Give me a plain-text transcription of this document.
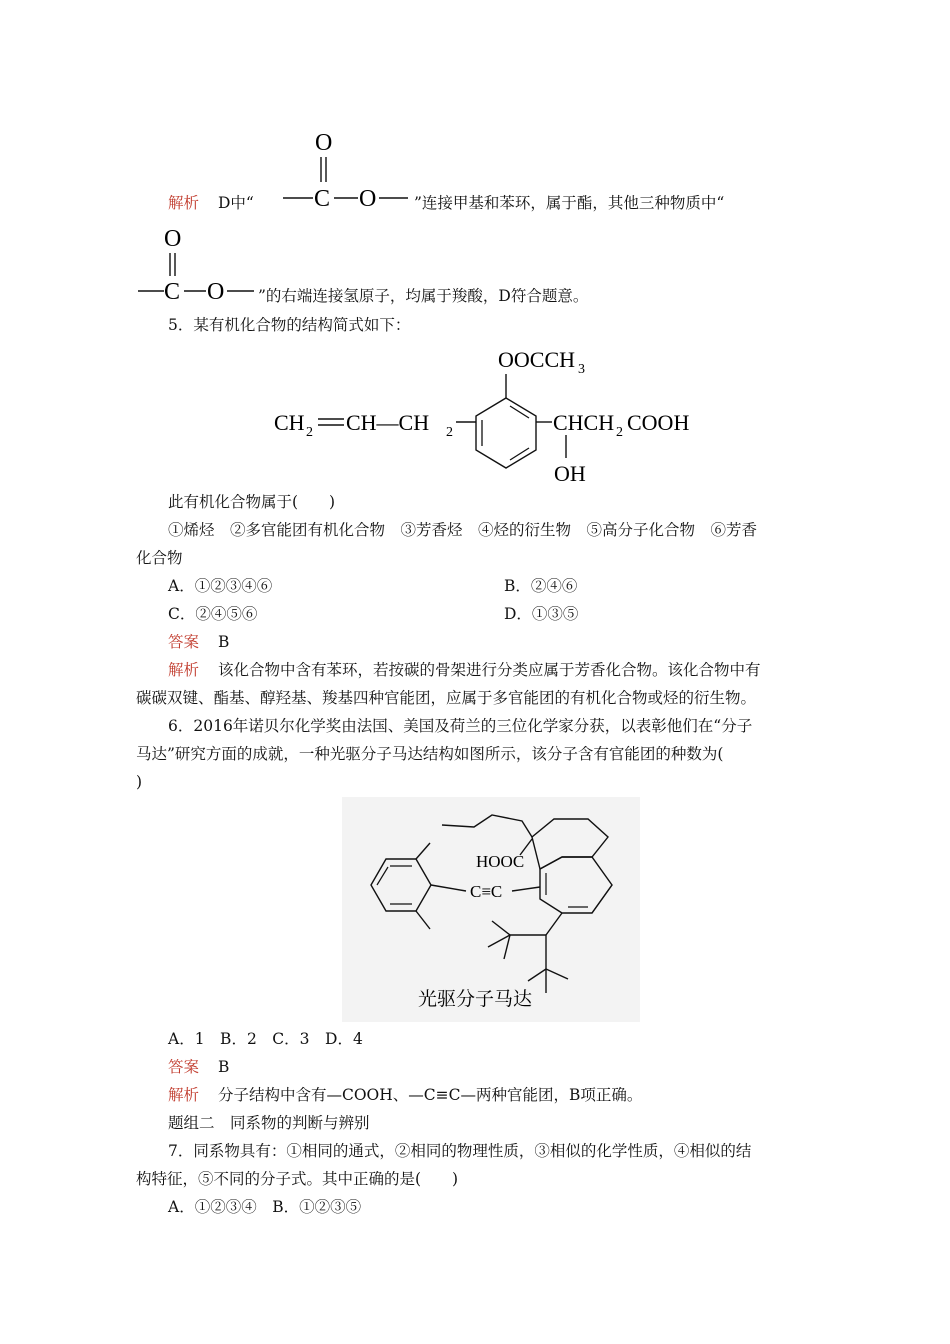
O
C O
解析 D中“	”连接甲基和苯环，属于酯，其他三种物质中“
O
C O ”的右端连接氢原子，均属于羧酸，D符合题意。
5．某有机化合物的结构简式如下：
OOCCH 3
CH 2 CH—CH 2	CHCH 2 COOH
OH
此有机化合物属于(　　)
①烯烃　②多官能团有机化合物　③芳香烃　④烃的衍生物　⑤高分子化合物　⑥芳香
化合物
A．①②③④⑥	B．②④⑥
C．②④⑤⑥	D．①③⑤
答案 B
解析 该化合物中含有苯环，若按碳的骨架进行分类应属于芳香化合物。该化合物中有
碳碳双键、酯基、醇羟基、羧基四种官能团，应属于多官能团的有机化合物或烃的衍生物。
6．2016年诺贝尔化学奖由法国、美国及荷兰的三位化学家分获，以表彰他们在“分子
马达”研究方面的成就，一种光驱分子马达结构如图所示，该分子含有官能团的种数为(
)
C≡C
HOOC
光驱分子马达
A．1　B．2　C．3　D．4
答案 B
解析 分子结构中含有—COOH、—C≡C—两种官能团，B项正确。
题组二　同系物的判断与辨别
7．同系物具有：①相同的通式，②相同的物理性质，③相似的化学性质，④相似的结
构特征，⑤不同的分子式。其中正确的是(　　)
A．①②③④　B．①②③⑤
